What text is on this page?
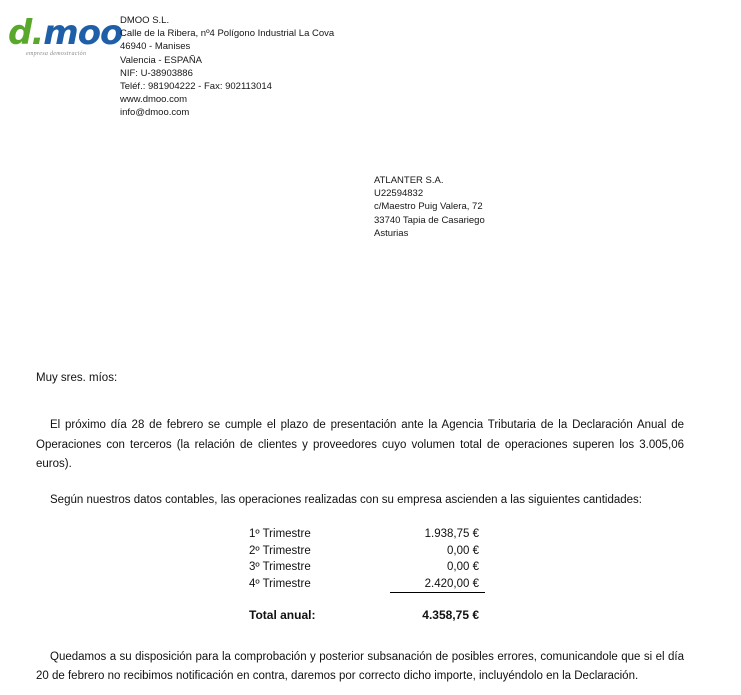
d.moo
empresa demostración
DMOO S.L.
Calle de la Ribera, nº4 Polígono Industrial La Cova
46940 - Manises
Valencia - ESPAÑA
NIF: U-38903886
Teléf.: 981904222 - Fax: 902113014
www.dmoo.com
info@dmoo.com
ATLANTER S.A.
U22594832
c/Maestro Puig Valera, 72
33740 Tapia de Casariego
Asturias

Muy sres. míos:

El próximo día 28 de febrero se cumple el plazo de presentación ante la Agencia Tributaria de la Declaración Anual de Operaciones con terceros (la relación de clientes y proveedores cuyo volumen total de operaciones superen los 3.005,06 euros).

Según nuestros datos contables, las operaciones realizadas con su empresa ascienden a las siguientes cantidades:

1º Trimestre	1.938,75 €
2º Trimestre	0,00 €
3º Trimestre	0,00 €
4º Trimestre	2.420,00 €

Total anual:	4.358,75 €

Quedamos a su disposición para la comprobación y posterior subsanación de posibles errores, comunicandole que si el día 20 de febrero no recibimos notificación en contra, daremos por correcto dicho importe, incluyéndolo en la Declaración.
